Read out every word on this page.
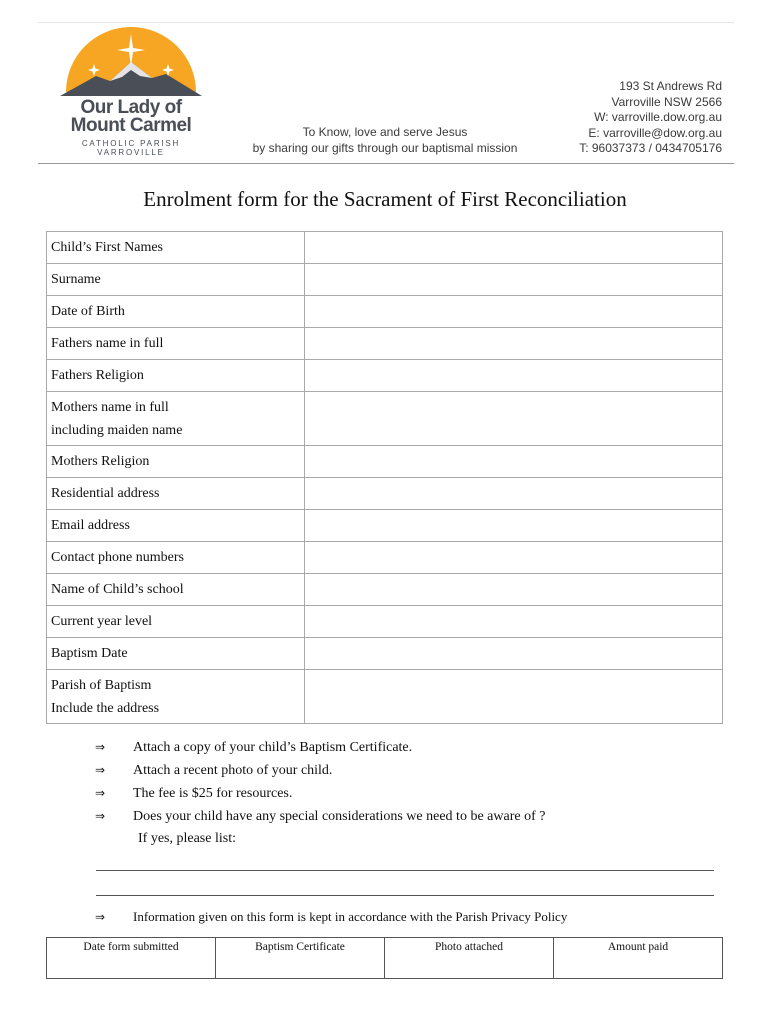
Our Lady of
Mount Carmel
CATHOLIC PARISH
VARROVILLE
To Know, love and serve Jesus
by sharing our gifts through our baptismal mission
193 St Andrews Rd
Varroville NSW 2566
W: varroville.dow.org.au
E: varroville@dow.org.au
T: 96037373 / 0434705176
Enrolment form for the Sacrament of First Reconciliation
Child’s First Names	
Surname	
Date of Birth	
Fathers name in full	
Fathers Religion	

Mothers name in full
including maiden name	

Mothers Religion	
Residential address	
Email address	
Contact phone numbers	
Name of Child’s school	
Current year level	
Baptism Date	

Parish of Baptism
Include the address	

⇒ Attach a copy of your child’s Baptism Certificate.
⇒ Attach a recent photo of your child.
⇒ The fee is $25 for resources.
⇒ Does your child have any special considerations we need to be aware of ?
If yes, please list:
⇒ Information given on this form is kept in accordance with the Parish Privacy Policy
Date form submitted	Baptism Certificate	Photo attached	Amount paid
